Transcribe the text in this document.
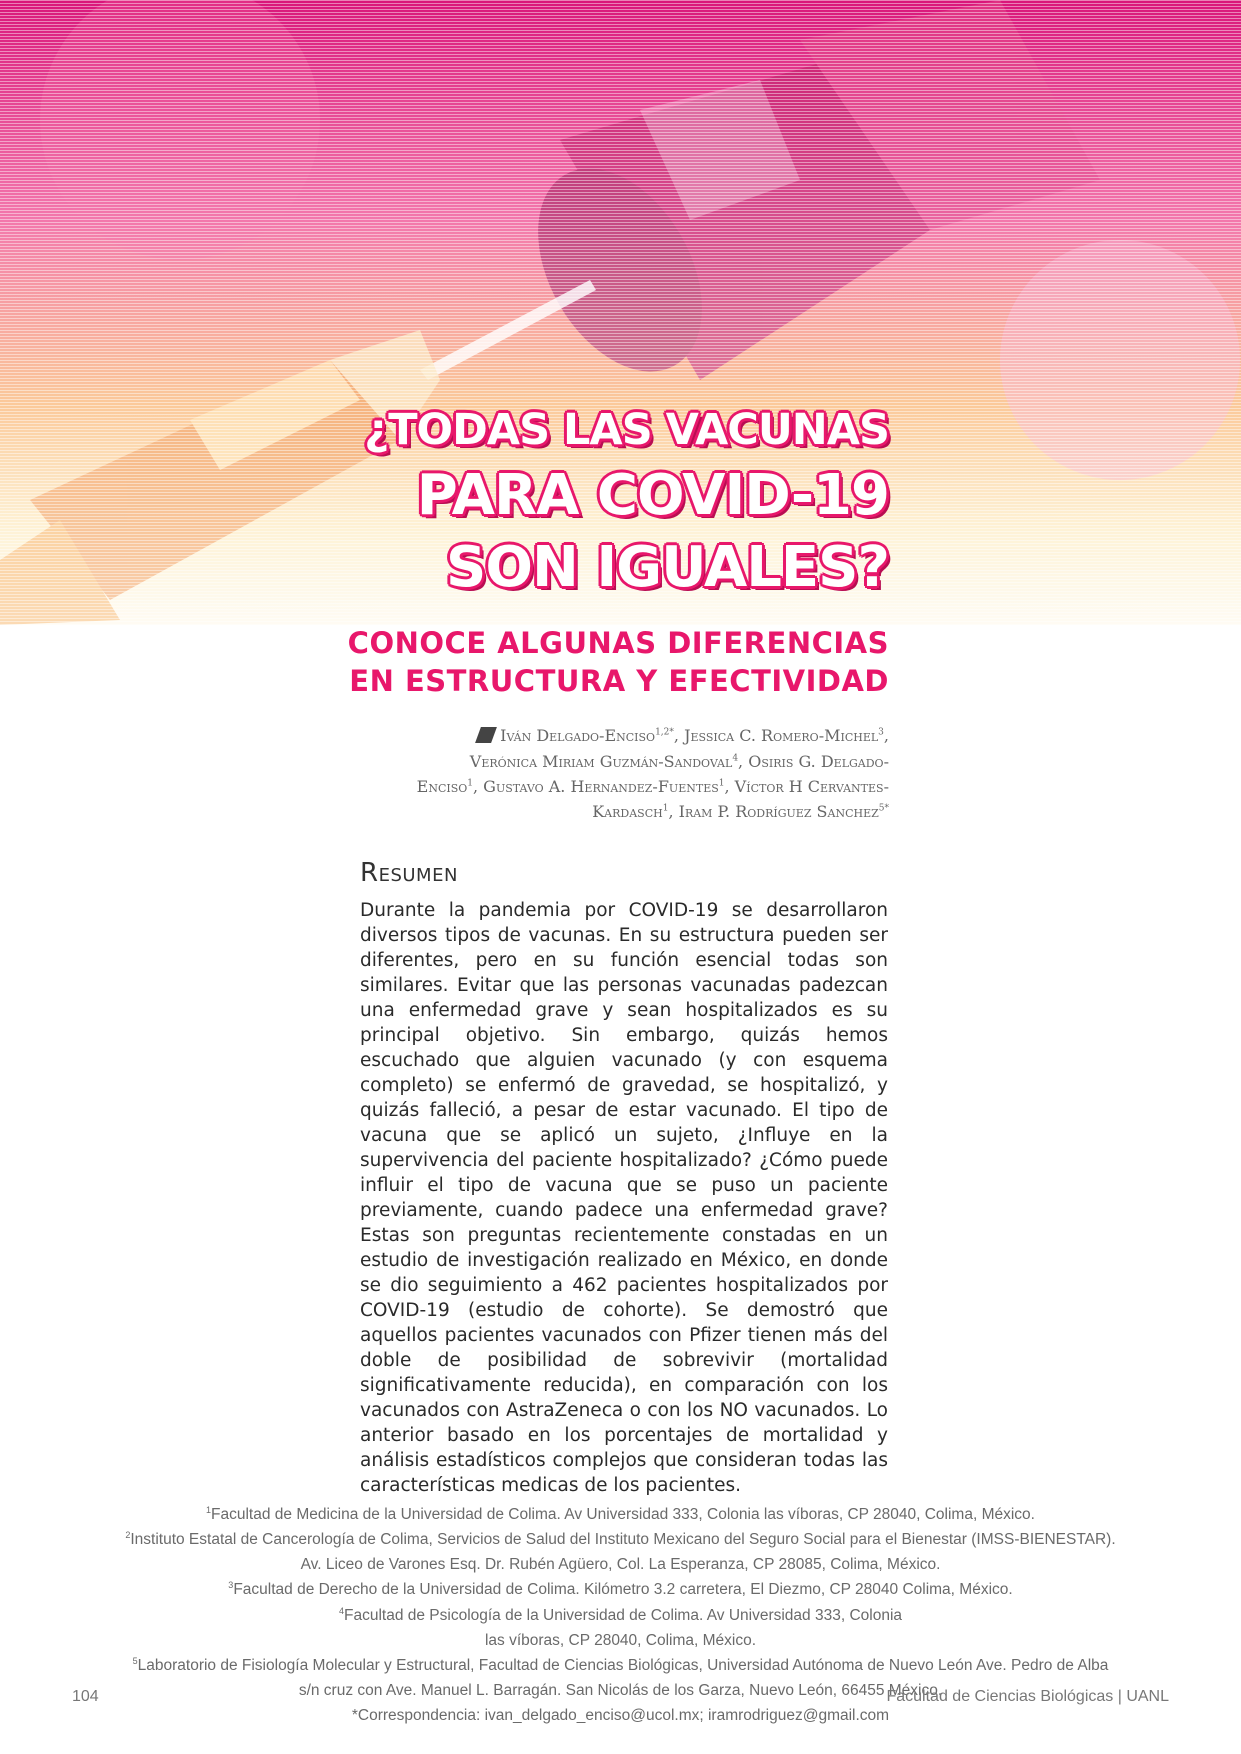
¿TODAS LAS VACUNAS
PARA COVID-19
SON IGUALES?
CONOCE ALGUNAS DIFERENCIAS
EN ESTRUCTURA Y EFECTIVIDAD

Iván Delgado-Enciso$^{1,2*}$, Jessica C. Romero-Michel$^3$, Verónica Miriam Guzmán-Sandoval$^4$, Osiris G. Delgado-Enciso$^1$, Gustavo A. Hernandez-Fuentes$^1$, Víctor H Cervantes-Kardasch$^1$, Iram P. Rodríguez Sanchez$^{5*}$

Resumen

Durante la pandemia por COVID-19 se desarrollaron diversos tipos de vacunas. En su estructura pueden ser diferentes, pero en su función esencial todas son similares. Evitar que las personas vacunadas padezcan una enfermedad grave y sean hospitalizados es su principal objetivo. Sin embargo, quizás hemos escuchado que alguien vacunado (y con esquema completo) se enfermó de gravedad, se hospitalizó, y quizás falleció, a pesar de estar vacunado. El tipo de vacuna que se aplicó un sujeto, ¿Influye en la supervivencia del paciente hospitalizado? ¿Cómo puede influir el tipo de vacuna que se puso un paciente previamente, cuando padece una enfermedad grave? Estas son preguntas recientemente constadas en un estudio de investigación realizado en México, en donde se dio seguimiento a 462 pacientes hospitalizados por COVID-19 (estudio de cohorte). Se demostró que aquellos pacientes vacunados con Pfizer tienen más del doble de posibilidad de sobrevivir (mortalidad significativamente reducida), en comparación con los vacunados con AstraZeneca o con los NO vacunados. Lo anterior basado en los porcentajes de mortalidad y análisis estadísticos complejos que consideran todas las características medicas de los pacientes.

$^1$Facultad de Medicina de la Universidad de Colima. Av Universidad 333, Colonia las víboras, CP 28040, Colima, México.
$^2$Instituto Estatal de Cancerología de Colima, Servicios de Salud del Instituto Mexicano del Seguro Social para el Bienestar (IMSS-BIENESTAR).
Av. Liceo de Varones Esq. Dr. Rubén Agüero, Col. La Esperanza, CP 28085, Colima, México.
$^3$Facultad de Derecho de la Universidad de Colima. Kilómetro 3.2 carretera, El Diezmo, CP 28040 Colima, México.
$^4$Facultad de Psicología de la Universidad de Colima. Av Universidad 333, Colonia
las víboras, CP 28040, Colima, México.
$^5$Laboratorio de Fisiología Molecular y Estructural, Facultad de Ciencias Biológicas, Universidad Autónoma de Nuevo León Ave. Pedro de Alba
s/n cruz con Ave. Manuel L. Barragán. San Nicolás de los Garza, Nuevo León, 66455 México.
*Correspondencia: ivan_delgado_enciso@ucol.mx; iramrodriguez@gmail.com
104	Facultad de Ciencias Biológicas | UANL
